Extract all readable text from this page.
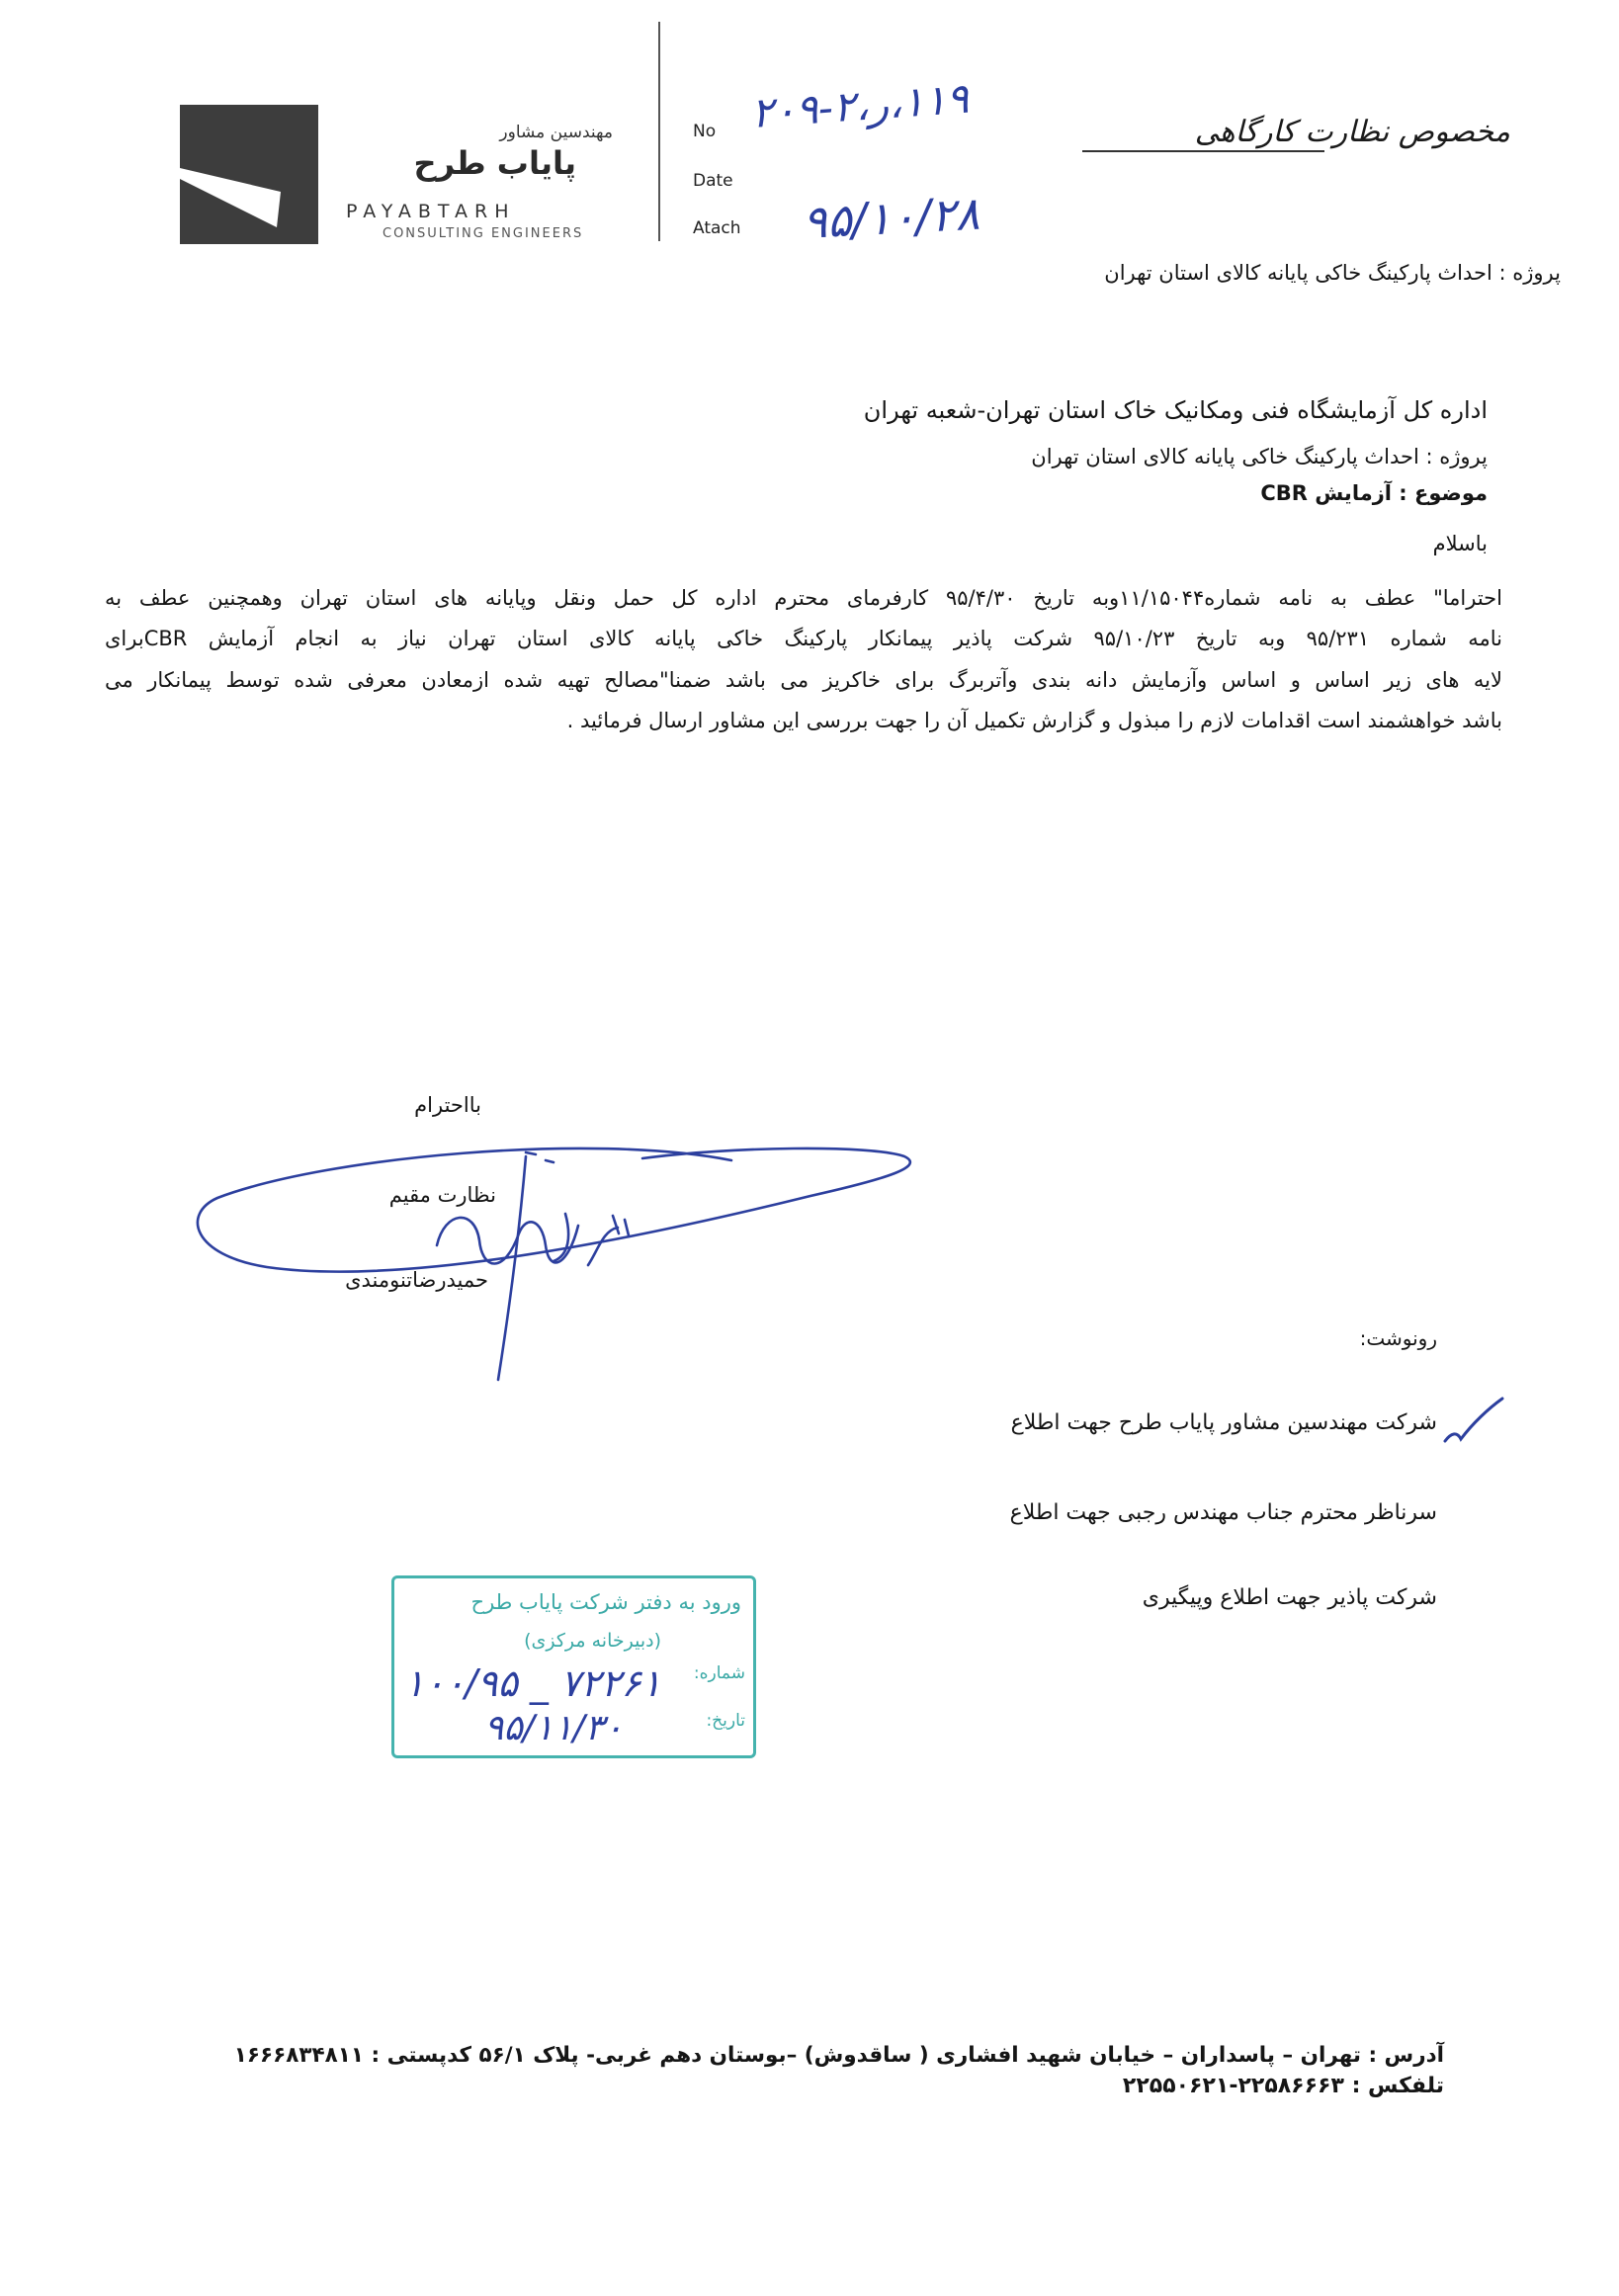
مهندسین مشاور
پایاب طرح
PAYABTARH
CONSULTING ENGINEERS
No
Date
Atach
۲۰۹-۲،ر،۱۱۹
۹۵/۱۰/۲۸
مخصوص نظارت کارگاهی
پروژه : احداث پارکینگ خاکی پایانه کالای استان تهران
اداره کل آزمایشگاه فنی ومکانیک خاک استان تهران-شعبه تهران
پروژه : احداث پارکینگ خاکی پایانه کالای استان تهران
موضوع : آزمایش CBR
باسلام
احتراما" عطف به نامه شماره۱۱/۱۵۰۴۴وبه تاریخ ۹۵/۴/۳۰ کارفرمای محترم اداره کل حمل ونقل وپایانه های استان تهران وهمچنین عطف به
نامه شماره ۹۵/۲۳۱ وبه تاریخ ۹۵/۱۰/۲۳ شرکت پاذیر پیمانکار پارکینگ خاکی پایانه کالای استان تهران نیاز به انجام آزمایش CBRبرای
لایه های زیر اساس و اساس وآزمایش دانه بندی وآتربرگ برای خاکریز می باشد ضمنا"مصالح تهیه شده ازمعادن معرفی شده توسط پیمانکار می
باشد خواهشمند است اقدامات لازم را مبذول و گزارش تکمیل آن را جهت بررسی این مشاور ارسال فرمائید .
بااحترام
نظارت مقیم
حمیدرضاتنومندی
رونوشت:
شرکت مهندسین مشاور پایاب طرح جهت اطلاع
سرناظر محترم جناب مهندس رجبی جهت اطلاع
شرکت پاذیر جهت اطلاع وپیگیری
ورود به دفتر شرکت پایاب طرح
(دبیرخانه مرکزی)
شماره:
تاریخ:
۱۰۰/۹۵ _ ۷۲۲۶۱
۹۵/۱۱/۳۰
آدرس : تهران – پاسداران – خیابان شهید افشاری ( ساقدوش) –بوستان دهم غربی- پلاک ۵۶/۱ کدپستی : ۱۶۶۶۸۳۴۸۱۱
تلفکس : ۲۲۵۵۰۶۲۱-۲۲۵۸۶۶۶۳
